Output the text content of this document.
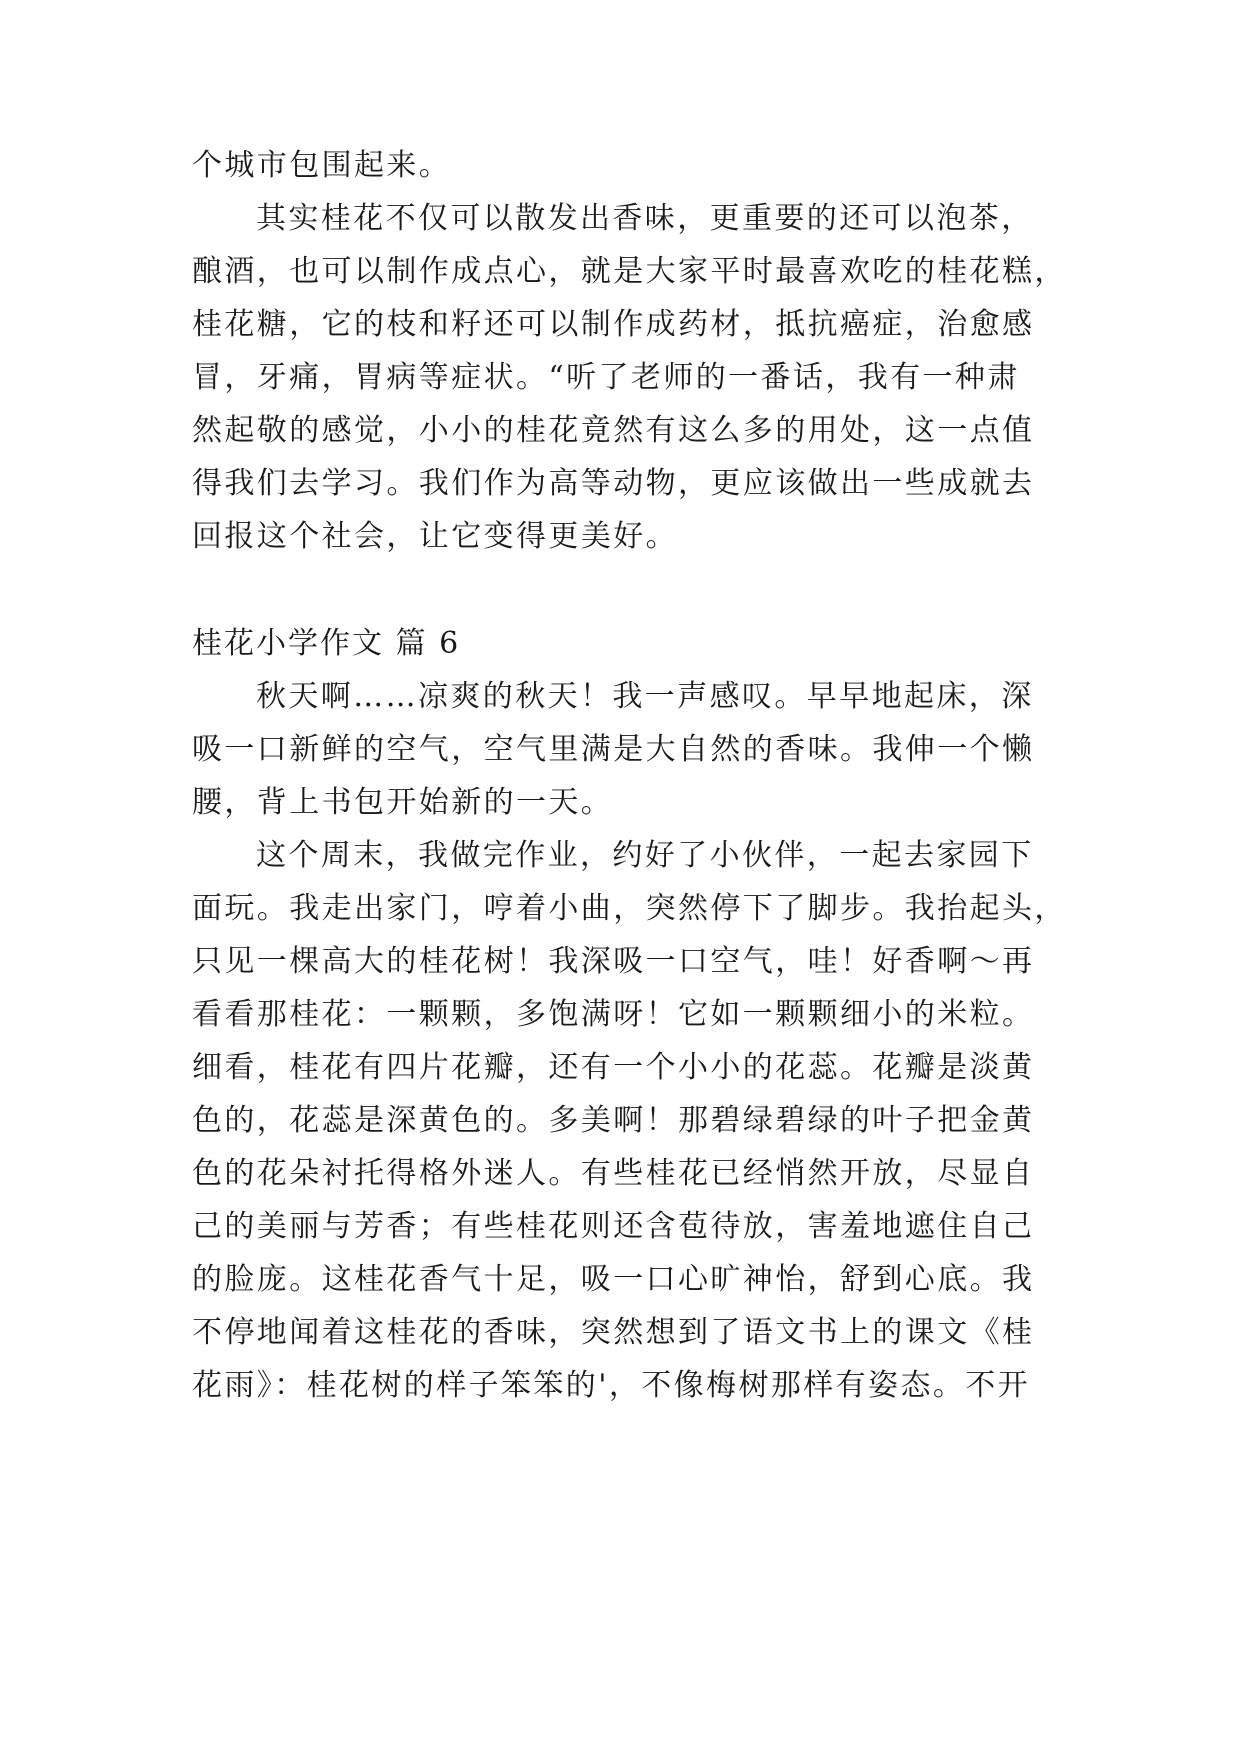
个城市包围起来。
其实桂花不仅可以散发出香味，更重要的还可以泡茶，
酿酒，也可以制作成点心，就是大家平时最喜欢吃的桂花糕，
桂花糖，它的枝和籽还可以制作成药材，抵抗癌症，治愈感
冒，牙痛，胃病等症状。“听了老师的一番话，我有一种肃
然起敬的感觉，小小的桂花竟然有这么多的用处，这一点值
得我们去学习。我们作为高等动物，更应该做出一些成就去
回报这个社会，让它变得更美好。
桂花小学作文 篇 6
秋天啊……凉爽的秋天！我一声感叹。早早地起床，深
吸一口新鲜的空气，空气里满是大自然的香味。我伸一个懒
腰，背上书包开始新的一天。
这个周末，我做完作业，约好了小伙伴，一起去家园下
面玩。我走出家门，哼着小曲，突然停下了脚步。我抬起头，
只见一棵高大的桂花树！我深吸一口空气，哇！好香啊～再
看看那桂花：一颗颗，多饱满呀！它如一颗颗细小的米粒。
细看，桂花有四片花瓣，还有一个小小的花蕊。花瓣是淡黄
色的，花蕊是深黄色的。多美啊！那碧绿碧绿的叶子把金黄
色的花朵衬托得格外迷人。有些桂花已经悄然开放，尽显自
己的美丽与芳香；有些桂花则还含苞待放，害羞地遮住自己
的脸庞。这桂花香气十足，吸一口心旷神怡，舒到心底。我
不停地闻着这桂花的香味，突然想到了语文书上的课文《桂
花雨》：桂花树的样子笨笨的'，不像梅树那样有姿态。不开
